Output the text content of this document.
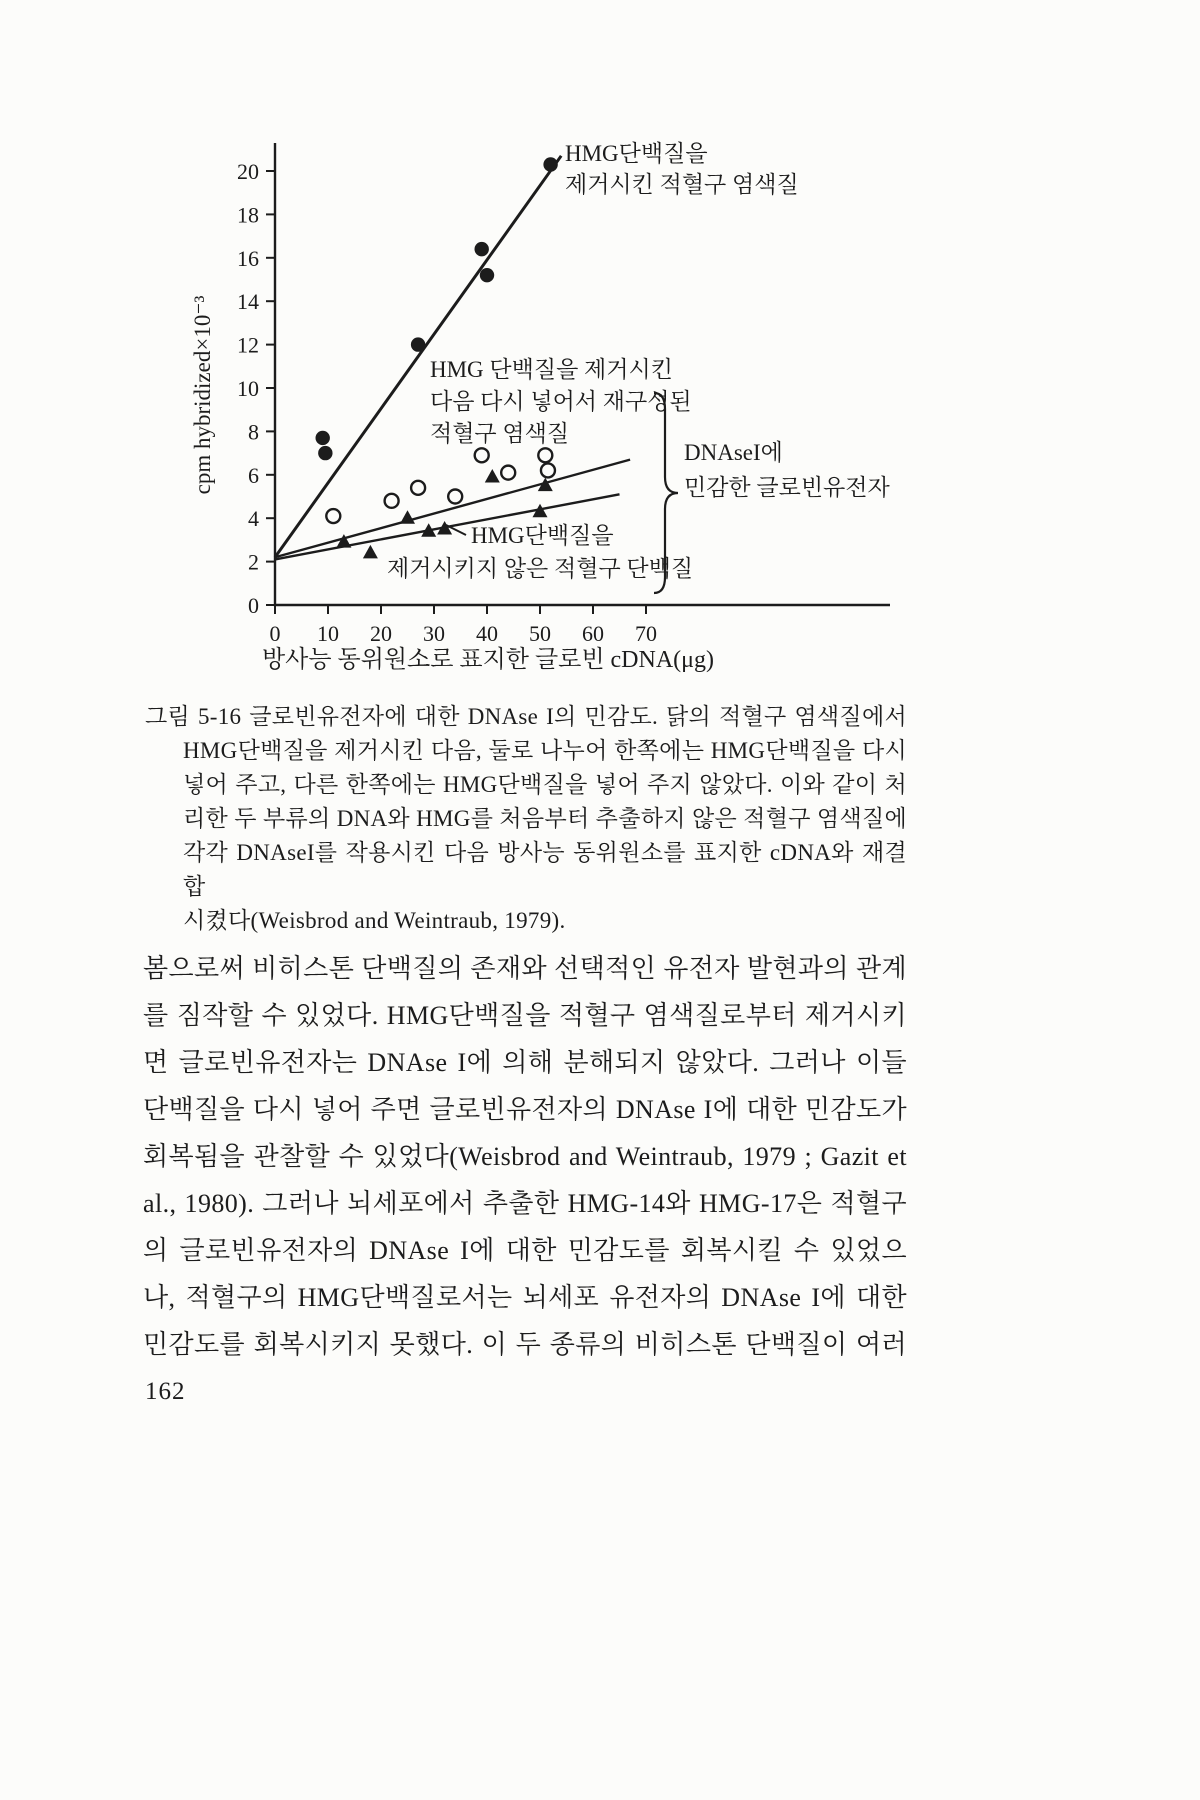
0 10 20 30 40 50 60 70
0
2
4
6
8
10
12
14
16
18
20
방사능 동위원소로 표지한 글로빈 cDNA(μg)
cpm hybridized×10⁻³
HMG단백질을
제거시킨 적혈구 염색질
HMG 단백질을 제거시킨
다음 다시 넣어서 재구성된
적혈구 염색질
HMG단백질을
제거시키지 않은 적혈구 단백질
DNAseI에
민감한 글로빈유전자
그림 5-16 글로빈유전자에 대한 DNAse I의 민감도. 닭의 적혈구 염색질에서
HMG단백질을 제거시킨 다음, 둘로 나누어 한쪽에는 HMG단백질을 다시
넣어 주고, 다른 한쪽에는 HMG단백질을 넣어 주지 않았다. 이와 같이 처
리한 두 부류의 DNA와 HMG를 처음부터 추출하지 않은 적혈구 염색질에
각각 DNAseI를 작용시킨 다음 방사능 동위원소를 표지한 cDNA와 재결합
시켰다(Weisbrod and Weintraub, 1979).
봄으로써 비히스톤 단백질의 존재와 선택적인 유전자 발현과의 관계
를 짐작할 수 있었다. HMG단백질을 적혈구 염색질로부터 제거시키
면 글로빈유전자는 DNAse I에 의해 분해되지 않았다. 그러나 이들
단백질을 다시 넣어 주면 글로빈유전자의 DNAse I에 대한 민감도가
회복됨을 관찰할 수 있었다(Weisbrod and Weintraub, 1979 ; Gazit et
al., 1980). 그러나 뇌세포에서 추출한 HMG-14와 HMG-17은 적혈구
의 글로빈유전자의 DNAse I에 대한 민감도를 회복시킬 수 있었으
나, 적혈구의 HMG단백질로서는 뇌세포 유전자의 DNAse I에 대한
민감도를 회복시키지 못했다. 이 두 종류의 비히스톤 단백질이 여러
162
